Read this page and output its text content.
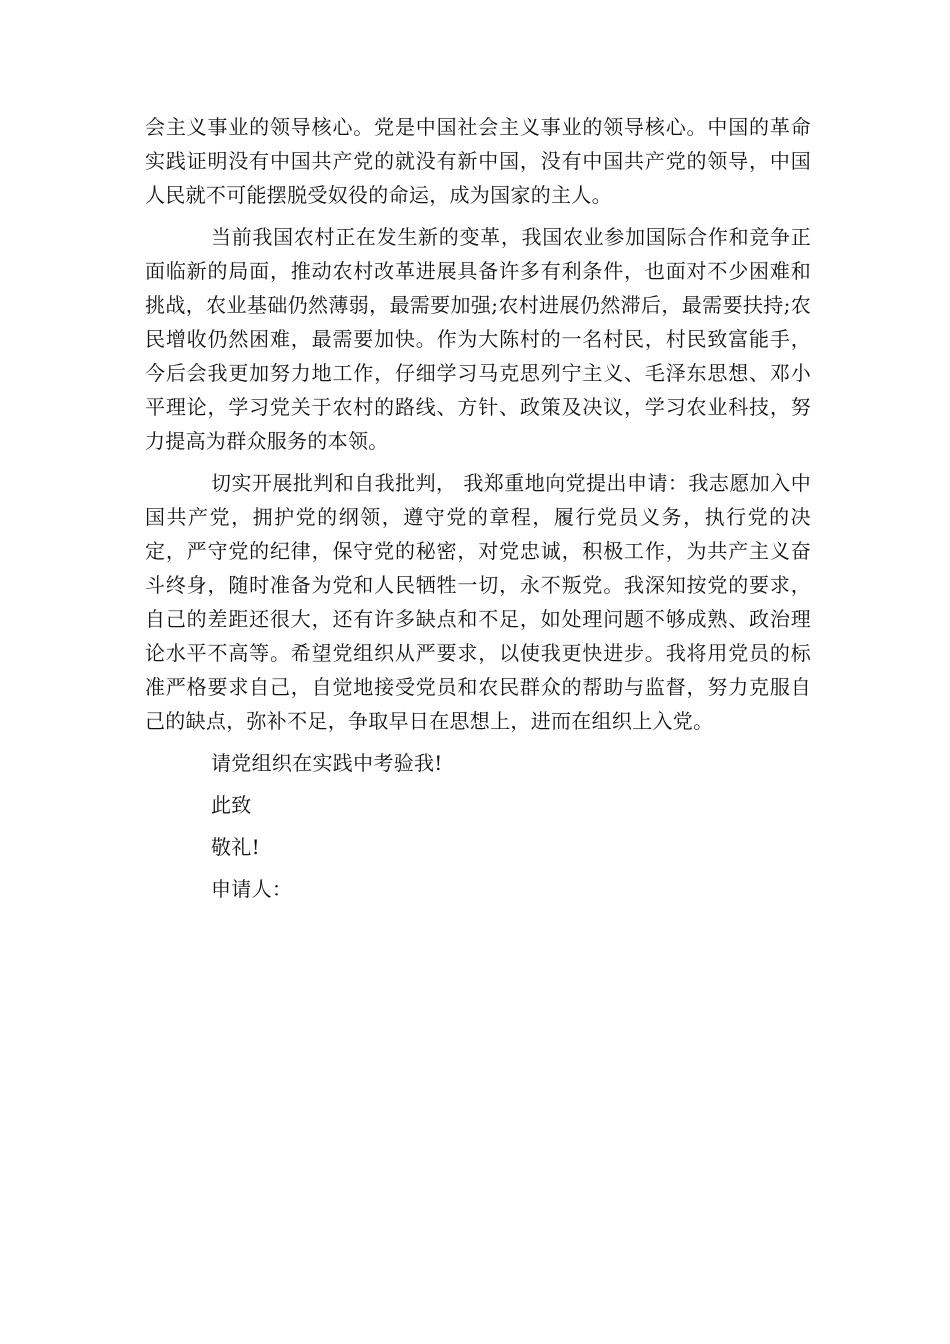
会主义事业的领导核心。党是中国社会主义事业的领导核心。中国的革命实践证明没有中国共产党的就没有新中国，没有中国共产党的领导，中国人民就不可能摆脱受奴役的命运，成为国家的主人。

当前我国农村正在发生新的变革，我国农业参加国际合作和竞争正面临新的局面，推动农村改革进展具备许多有利条件，也面对不少困难和挑战，农业基础仍然薄弱，最需要加强;农村进展仍然滞后，最需要扶持;农民增收仍然困难，最需要加快。作为大陈村的一名村民，村民致富能手，今后会我更加努力地工作，仔细学习马克思列宁主义、毛泽东思想、邓小平理论，学习党关于农村的路线、方针、政策及决议，学习农业科技，努力提高为群众服务的本领。

切实开展批判和自我批判， 我郑重地向党提出申请：我志愿加入中国共产党，拥护党的纲领，遵守党的章程，履行党员义务，执行党的决定，严守党的纪律，保守党的秘密，对党忠诚，积极工作，为共产主义奋斗终身，随时准备为党和人民牺牲一切，永不叛党。我深知按党的要求，自己的差距还很大，还有许多缺点和不足，如处理问题不够成熟、政治理论水平不高等。希望党组织从严要求，以使我更快进步。我将用党员的标准严格要求自己，自觉地接受党员和农民群众的帮助与监督，努力克服自己的缺点，弥补不足，争取早日在思想上，进而在组织上入党。

请党组织在实践中考验我!

此致

敬礼!

申请人：
